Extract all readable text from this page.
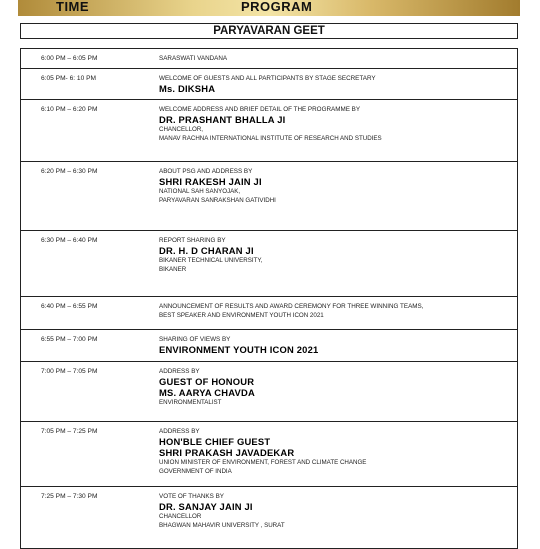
TIME	PROGRAM
PARYAVARAN GEET
6:00 PM – 6:05 PM	SARASWATI VANDANA
6:05 PM- 6: 10 PM	WELCOME OF GUESTS AND ALL PARTICIPANTS BY STAGE SECRETARY
Ms. DIKSHA
6:10 PM – 6:20 PM	WELCOME ADDRESS AND BRIEF DETAIL OF THE PROGRAMME BY
DR. PRASHANT BHALLA JI
CHANCELLOR,
MANAV RACHNA INTERNATIONAL INSTITUTE OF RESEARCH AND STUDIES
6:20 PM – 6:30 PM	ABOUT PSG AND ADDRESS BY
SHRI RAKESH JAIN JI
NATIONAL SAH SANYOJAK,
PARYAVARAN SANRAKSHAN GATIVIDHI
6:30 PM – 6:40 PM	REPORT SHARING BY
DR. H. D CHARAN JI
BIKANER TECHNICAL UNIVERSITY,
BIKANER
6:40 PM – 6:55 PM	ANNOUNCEMENT OF RESULTS AND AWARD CEREMONY FOR THREE WINNING TEAMS,
BEST SPEAKER AND ENVIRONMENT YOUTH ICON 2021
6:55 PM – 7:00 PM	SHARING OF VIEWS BY
ENVIRONMENT YOUTH ICON 2021
7:00 PM – 7:05 PM	ADDRESS BY
GUEST OF HONOUR
MS. AARYA CHAVDA
ENVIRONMENTALIST
7:05 PM – 7:25 PM	ADDRESS BY
HON'BLE CHIEF GUEST
SHRI PRAKASH JAVADEKAR
UNION MINISTER OF ENVIRONMENT, FOREST AND CLIMATE CHANGE
GOVERNMENT OF INDIA
7:25 PM – 7:30 PM	VOTE OF THANKS BY
DR. SANJAY JAIN JI
CHANCELLOR
BHAGWAN MAHAVIR UNIVERSITY , SURAT
